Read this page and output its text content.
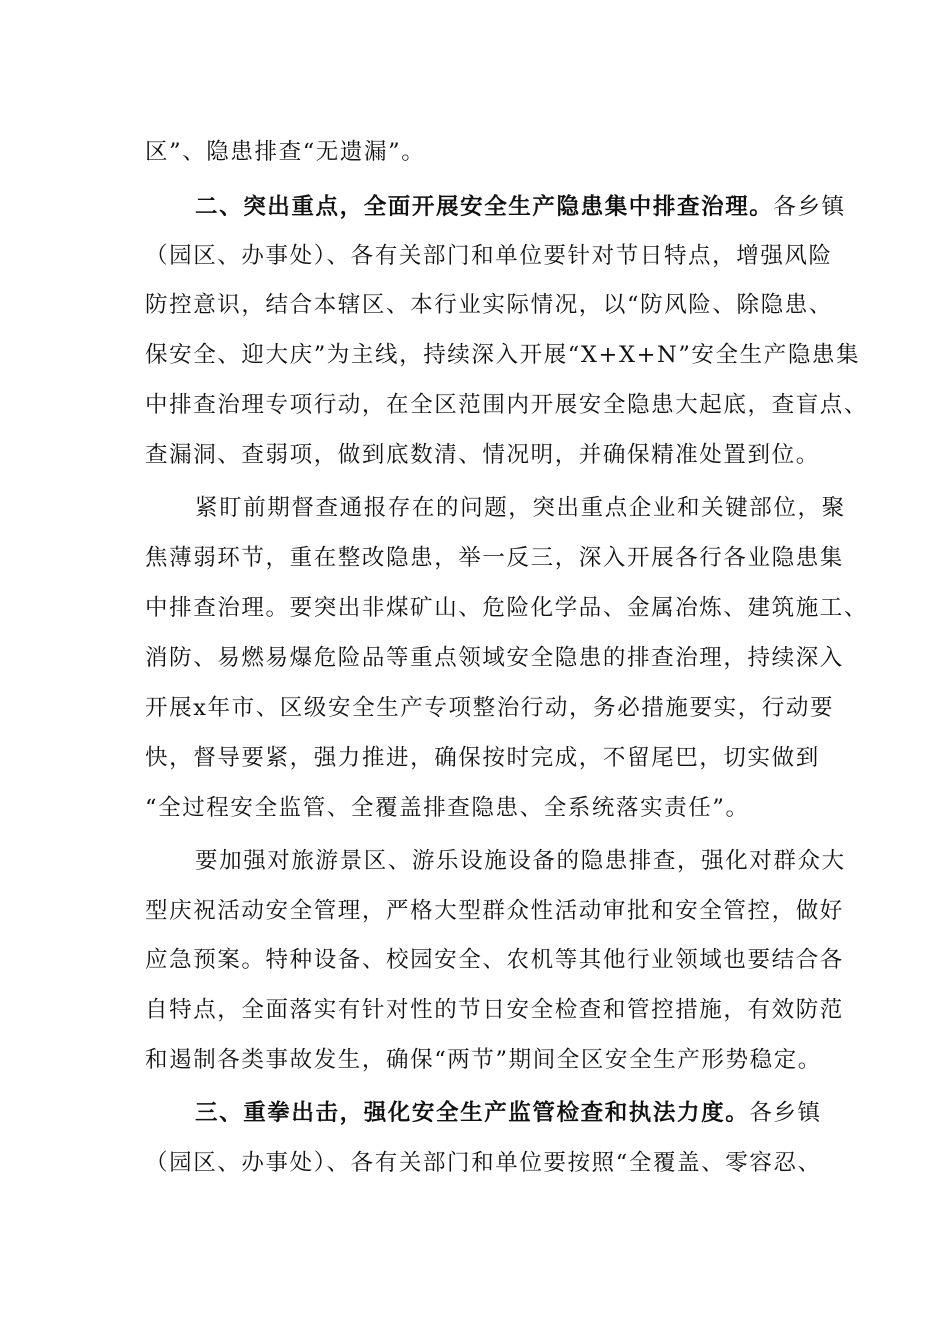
区”、隐患排查“无遗漏”。

二、突出重点，全面开展安全生产隐患集中排查治理。各乡镇

（园区、办事处）、各有关部门和单位要针对节日特点，增强风险

防控意识，结合本辖区、本行业实际情况，以“防风险、除隐患、

保安全、迎大庆”为主线，持续深入开展“X+X+N”安全生产隐患集

中排查治理专项行动，在全区范围内开展安全隐患大起底，查盲点、

查漏洞、查弱项，做到底数清、情况明，并确保精准处置到位。

紧盯前期督查通报存在的问题，突出重点企业和关键部位，聚

焦薄弱环节，重在整改隐患，举一反三，深入开展各行各业隐患集

中排查治理。要突出非煤矿山、危险化学品、金属冶炼、建筑施工、

消防、易燃易爆危险品等重点领域安全隐患的排查治理，持续深入

开展x年市、区级安全生产专项整治行动，务必措施要实，行动要

快，督导要紧，强力推进，确保按时完成，不留尾巴，切实做到

“全过程安全监管、全覆盖排查隐患、全系统落实责任”。

要加强对旅游景区、游乐设施设备的隐患排查，强化对群众大

型庆祝活动安全管理，严格大型群众性活动审批和安全管控，做好

应急预案。特种设备、校园安全、农机等其他行业领域也要结合各

自特点，全面落实有针对性的节日安全检查和管控措施，有效防范

和遏制各类事故发生，确保“两节”期间全区安全生产形势稳定。

三、重拳出击，强化安全生产监管检查和执法力度。各乡镇

（园区、办事处）、各有关部门和单位要按照“全覆盖、零容忍、
